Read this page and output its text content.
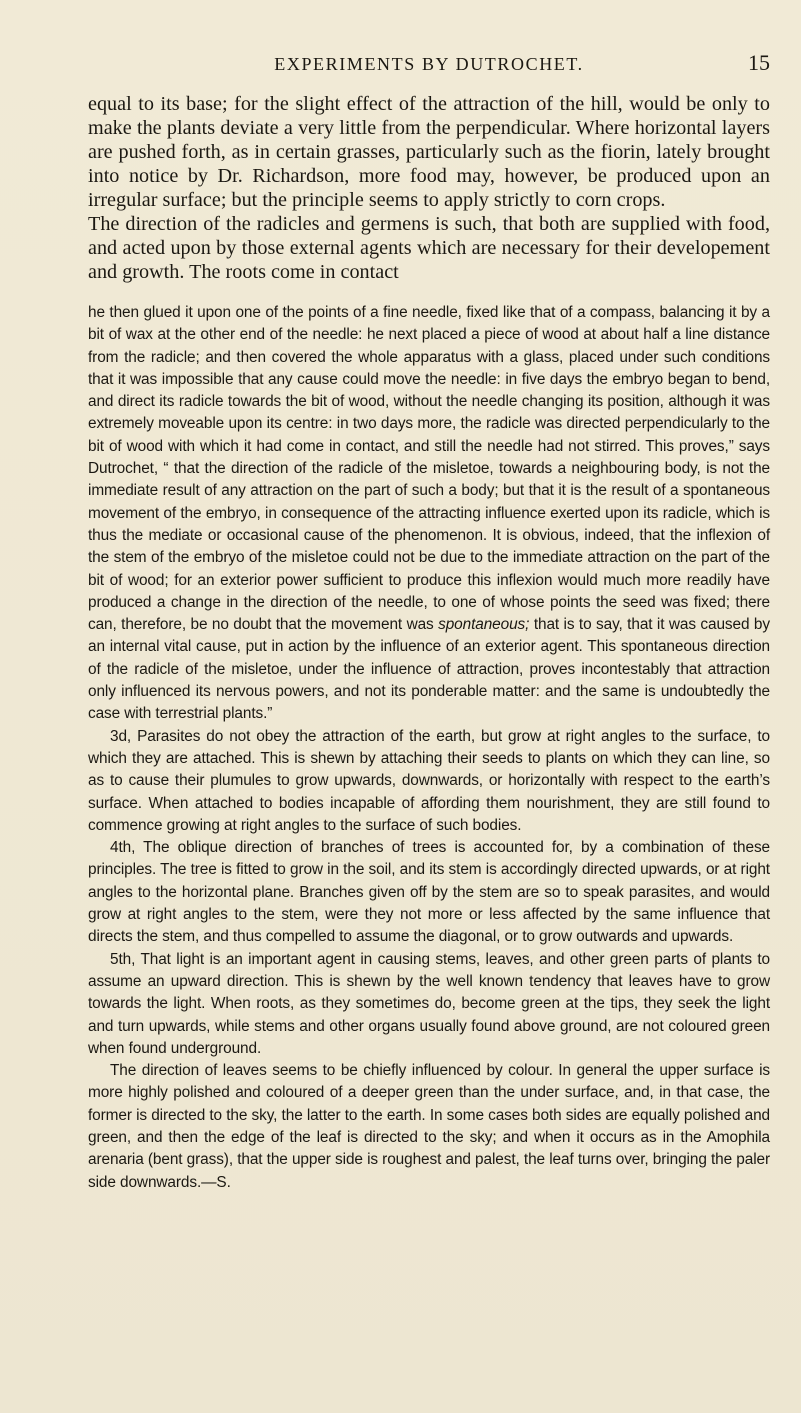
EXPERIMENTS BY DUTROCHET.	15

equal to its base; for the slight effect of the attraction of the hill, would be only to make the plants deviate a very little from the perpendicular. Where horizontal layers are pushed forth, as in certain grasses, particularly such as the fiorin, lately brought into notice by Dr. Richardson, more food may, however, be produced upon an irregular surface; but the principle seems to apply strictly to corn crops.

The direction of the radicles and germens is such, that both are supplied with food, and acted upon by those external agents which are necessary for their developement and growth. The roots come in contact

he then glued it upon one of the points of a fine needle, fixed like that of a compass, balancing it by a bit of wax at the other end of the needle: he next placed a piece of wood at about half a line distance from the radicle; and then covered the whole apparatus with a glass, placed under such conditions that it was impossible that any cause could move the needle: in five days the embryo began to bend, and direct its radicle towards the bit of wood, without the needle changing its position, although it was extremely moveable upon its centre: in two days more, the radicle was directed perpendicularly to the bit of wood with which it had come in contact, and still the needle had not stirred. This proves,” says Dutrochet, “ that the direction of the radicle of the misletoe, towards a neighbouring body, is not the immediate result of any attraction on the part of such a body; but that it is the result of a spontaneous movement of the embryo, in consequence of the attracting influence exerted upon its radicle, which is thus the mediate or occasional cause of the phenomenon. It is obvious, indeed, that the inflexion of the stem of the embryo of the misletoe could not be due to the immediate attraction on the part of the bit of wood; for an exterior power sufficient to produce this inflexion would much more readily have produced a change in the direction of the needle, to one of whose points the seed was fixed; there can, therefore, be no doubt that the movement was spontaneous; that is to say, that it was caused by an internal vital cause, put in action by the influence of an exterior agent. This spontaneous direction of the radicle of the misletoe, under the influence of attraction, proves incontestably that attraction only influenced its nervous powers, and not its ponderable matter: and the same is undoubtedly the case with terrestrial plants.”

3d, Parasites do not obey the attraction of the earth, but grow at right angles to the surface, to which they are attached. This is shewn by attaching their seeds to plants on which they can line, so as to cause their plumules to grow upwards, downwards, or horizontally with respect to the earth’s surface. When attached to bodies incapable of affording them nourishment, they are still found to commence growing at right angles to the surface of such bodies.

4th, The oblique direction of branches of trees is accounted for, by a combination of these principles. The tree is fitted to grow in the soil, and its stem is accordingly directed upwards, or at right angles to the horizontal plane. Branches given off by the stem are so to speak parasites, and would grow at right angles to the stem, were they not more or less affected by the same influence that directs the stem, and thus compelled to assume the diagonal, or to grow outwards and upwards.

5th, That light is an important agent in causing stems, leaves, and other green parts of plants to assume an upward direction. This is shewn by the well known tendency that leaves have to grow towards the light. When roots, as they sometimes do, become green at the tips, they seek the light and turn upwards, while stems and other organs usually found above ground, are not coloured green when found underground.

The direction of leaves seems to be chiefly influenced by colour. In general the upper surface is more highly polished and coloured of a deeper green than the under surface, and, in that case, the former is directed to the sky, the latter to the earth. In some cases both sides are equally polished and green, and then the edge of the leaf is directed to the sky; and when it occurs as in the Amophila arenaria (bent grass), that the upper side is roughest and palest, the leaf turns over, bringing the paler side downwards.—S.
